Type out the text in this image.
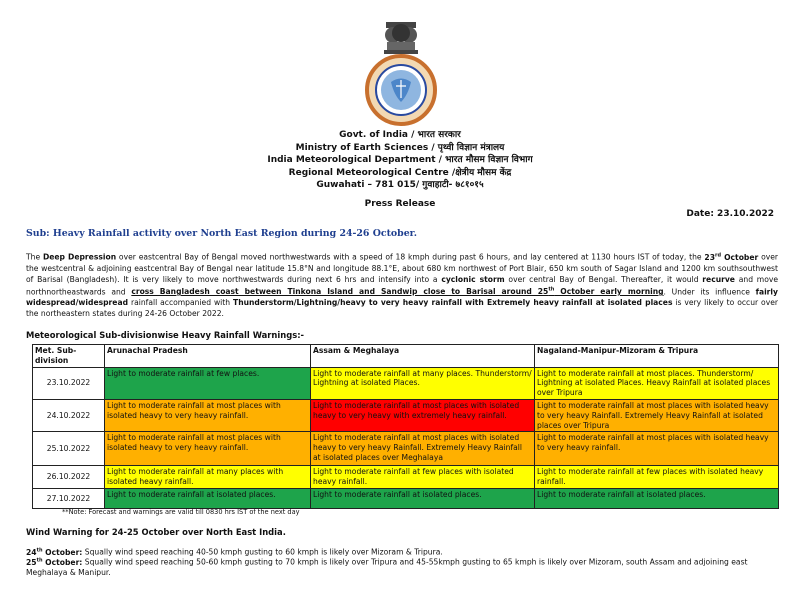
Govt. of India / भारत सरकार
Ministry of Earth Sciences / पृथ्वी विज्ञान मंत्रालय
India Meteorological Department / भारत मौसम विज्ञान विभाग
Regional Meteorological Centre /क्षेत्रीय मौसम केंद्र
Guwahati – 781 015/ गुवाहाटी- ७८१०१५
Press Release
Date: 23.10.2022
Sub: Heavy Rainfall activity over North East Region during 24-26 October.
The Deep Depression over eastcentral Bay of Bengal moved northwestwards with a speed of 18 kmph during past 6 hours, and lay centered at 1130 hours IST of today, the 23rd October over the westcentral & adjoining eastcentral Bay of Bengal near latitude 15.8°N and longitude 88.1°E, about 680 km northwest of Port Blair, 650 km south of Sagar Island and 1200 km southsouthwest of Barisal (Bangladesh). It is very likely to move northwestwards during next 6 hrs and intensify into a cyclonic storm over central Bay of Bengal. Thereafter, it would recurve and move northnortheastwards and cross Bangladesh coast between Tinkona Island and Sandwip close to Barisal around 25th October early morning. Under its influence fairly widespread/widespread rainfall accompanied with Thunderstorm/Lightning/heavy to very heavy rainfall with Extremely heavy rainfall at isolated places is very likely to occur over the northeastern states during 24-26 October 2022.
Meteorological Sub-divisionwise Heavy Rainfall Warnings:-
Met. Sub-division	Arunachal Pradesh	Assam & Meghalaya	Nagaland-Manipur-Mizoram & Tripura
23.10.2022	Light to moderate rainfall at few places.	Light to moderate rainfall at many places. Thunderstorm/ Lightning at isolated Places.	Light to moderate rainfall at most places. Thunderstorm/ Lightning at isolated Places. Heavy Rainfall at isolated places over Tripura
24.10.2022	Light to moderate rainfall at most places with isolated heavy to very heavy rainfall.	Light to moderate rainfall at most places with isolated heavy to very heavy with extremely heavy rainfall.	Light to moderate rainfall at most places with isolated heavy to very heavy Rainfall. Extremely Heavy Rainfall at isolated places over Tripura
25.10.2022	Light to moderate rainfall at most places with isolated heavy to very heavy rainfall.	Light to moderate rainfall at most places with isolated heavy to very heavy Rainfall. Extremely Heavy Rainfall at isolated places over Meghalaya	Light to moderate rainfall at most places with isolated heavy to very heavy rainfall.
26.10.2022	Light to moderate rainfall at many places with isolated heavy rainfall.	Light to moderate rainfall at few places with isolated heavy rainfall.	Light to moderate rainfall at few places with isolated heavy rainfall.
27.10.2022	Light to moderate rainfall at isolated places.	Light to moderate rainfall at isolated places.	Light to moderate rainfall at isolated places.
**Note: Forecast and warnings are valid till 0830 hrs IST of the next day
Wind Warning for 24-25 October over North East India.
24th October: Squally wind speed reaching 40-50 kmph gusting to 60 kmph is likely over Mizoram & Tripura.
25th October: Squally wind speed reaching 50-60 kmph gusting to 70 kmph is likely over Tripura and 45-55kmph gusting to 65 kmph is likely over Mizoram, south Assam and adjoining east Meghalaya & Manipur.
